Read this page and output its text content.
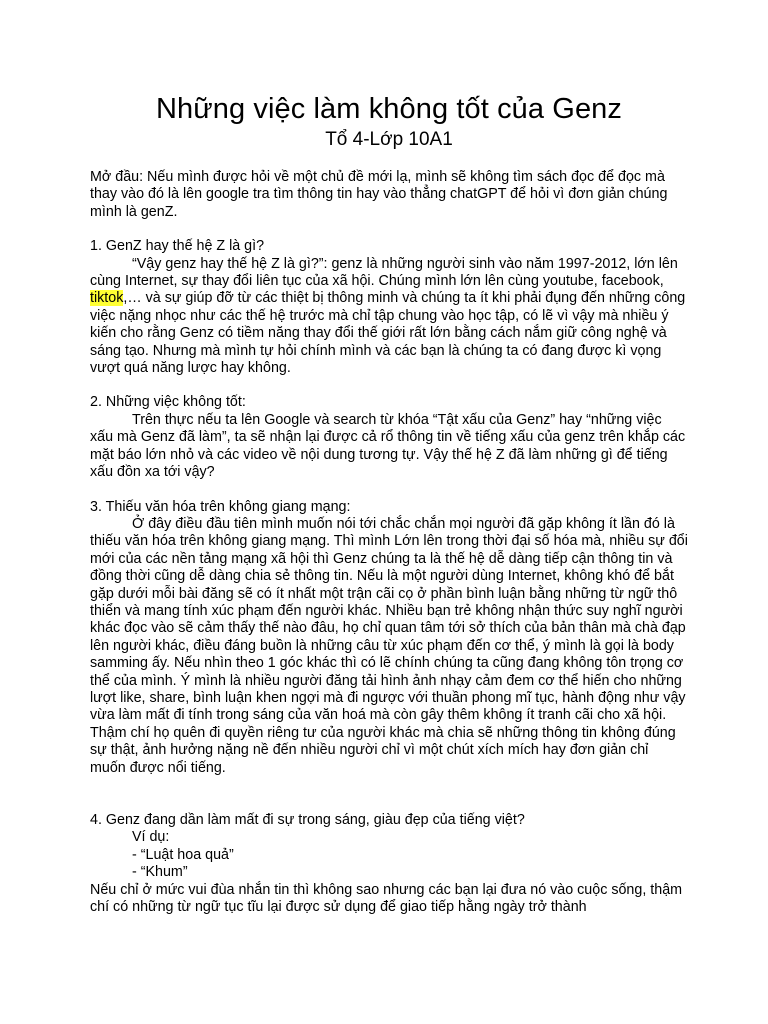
Những việc làm không tốt của Genz

Tổ 4-Lớp 10A1

Mở đầu: Nếu mình được hỏi về một chủ đề mới lạ, mình sẽ không tìm sách đọc để đọc mà thay vào đó là lên google tra tìm thông tin hay vào thẳng chatGPT để hỏi vì đơn giản chúng mình là genZ.

1. GenZ hay thế hệ Z là gì?

“Vậy genz hay thế hệ Z là gì?”: genz là những người sinh vào năm 1997-2012, lớn lên cùng Internet, sự thay đổi liên tục của xã hội. Chúng mình lớn lên cùng youtube, facebook, tiktok,… và sự giúp đỡ từ các thiệt bị thông minh và chúng ta ít khi phải đụng đến những công việc nặng nhọc như các thế hệ trước mà chỉ tập chung vào học tập, có lẽ vì vậy mà nhiều ý kiến cho rằng Genz có tiềm năng thay đổi thế giới rất lớn bằng cách nắm giữ công nghệ và sáng tạo. Nhưng mà mình tự hỏi chính mình và các bạn là chúng ta có đang được kì vọng vượt quá năng lược hay không.

2. Những việc không tốt:

Trên thực nếu ta lên Google và search từ khóa “Tật xấu của Genz” hay “những việc xấu mà Genz đã làm”, ta sẽ nhận lại được cả rổ thông tin về tiếng xấu của genz trên khắp các mặt báo lớn nhỏ và các video về nội dung tương tự. Vậy thế hệ Z đã làm những gì để tiếng xấu đồn xa tới vậy?

3. Thiếu văn hóa trên không giang mạng:

Ở đây điều đầu tiên mình muốn nói tới chắc chắn mọi người đã gặp không ít lần đó là thiếu văn hóa trên không giang mạng. Thì mình Lớn lên trong thời đại số hóa mà, nhiều sự đổi mới của các nền tảng mạng xã hội thì Genz chúng ta là thế hệ dễ dàng tiếp cận thông tin và đồng thời cũng dễ dàng chia sẻ thông tin. Nếu là một người dùng Internet, không khó để bắt gặp dưới mỗi bài đăng sẽ có ít nhất một trận cãi cọ ở phần bình luận bằng những từ ngữ thô thiển và mang tính xúc phạm đến người khác. Nhiều bạn trẻ không nhận thức suy nghĩ người khác đọc vào sẽ cảm thấy thế nào đâu, họ chỉ quan tâm tới sở thích của bản thân mà chà đạp lên người khác, điều đáng buồn là những câu từ xúc phạm đến cơ thể, ý mình là gọi là body samming ấy. Nếu nhìn theo 1 góc khác thì có lẽ chính chúng ta cũng đang không tôn trọng cơ thể của mình. Ý mình là nhiều người đăng tải hình ảnh nhạy cảm đem cơ thể hiến cho những lượt like, share, bình luận khen ngợi mà đi ngược với thuần phong mĩ tục, hành động như vậy vừa làm mất đi tính trong sáng của văn hoá mà còn gây thêm không ít tranh cãi cho xã hội. Thậm chí họ quên đi quyền riêng tư của người khác mà chia sẽ những thông tin không đúng sự thật, ảnh hưởng nặng nề đến nhiều người chỉ vì một chút xích mích hay đơn giản chỉ muốn được nổi tiếng.

4. Genz đang dần làm mất đi sự trong sáng, giàu đẹp của tiếng việt?

Ví dụ:

- “Luật hoa quả”

- “Khum”

Nếu chỉ ở mức vui đùa nhắn tin thì không sao nhưng các bạn lại đưa nó vào cuộc sống, thậm chí có những từ ngữ tục tĩu lại được sử dụng để giao tiếp hằng ngày trở thành
